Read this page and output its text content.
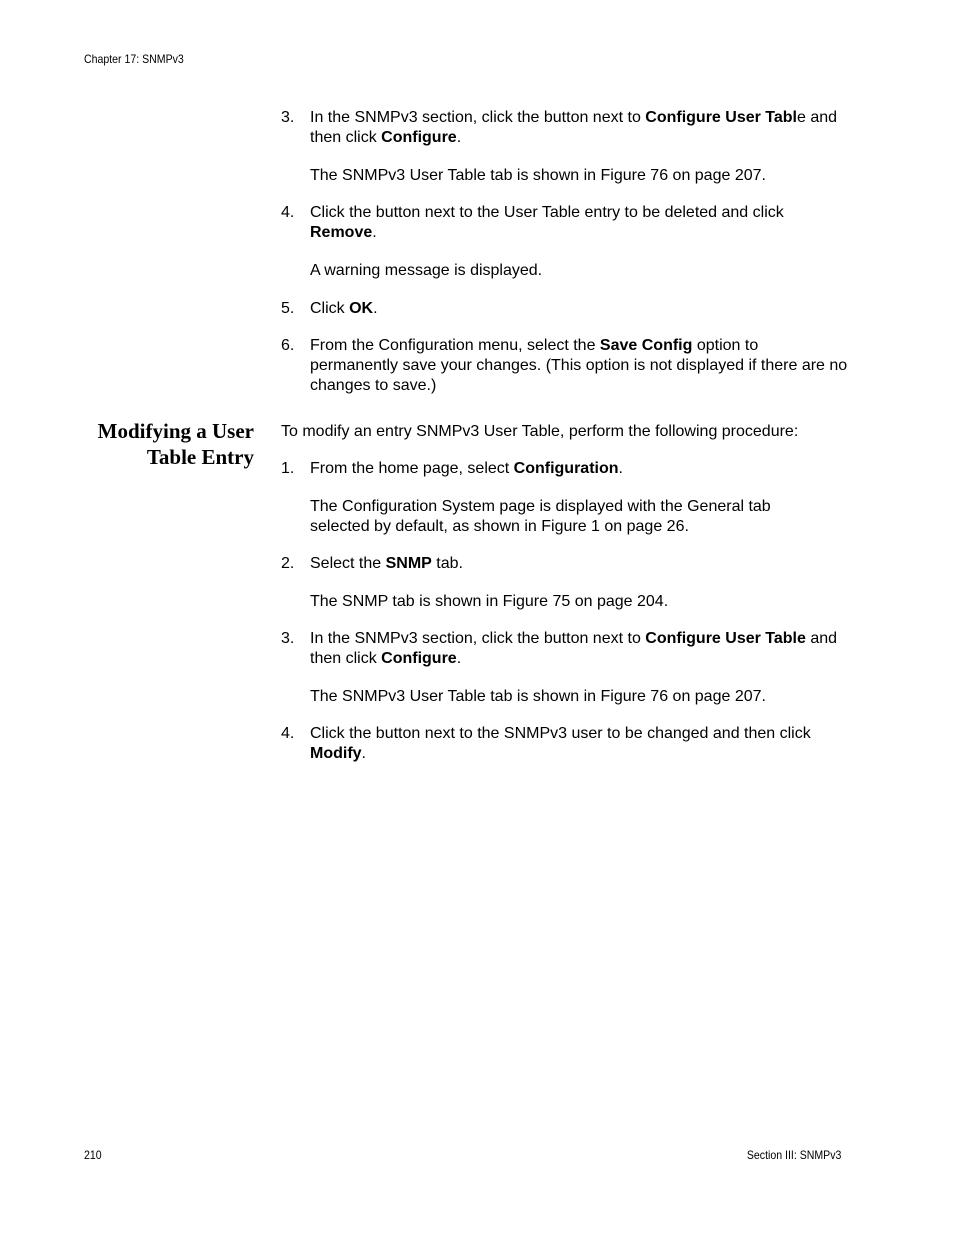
Chapter 17: SNMPv3
3. In the SNMPv3 section, click the button next to Configure User Table and then click Configure.
The SNMPv3 User Table tab is shown in Figure 76 on page 207.
4. Click the button next to the User Table entry to be deleted and click Remove.
A warning message is displayed.
5. Click OK.
6. From the Configuration menu, select the Save Config option to permanently save your changes. (This option is not displayed if there are no changes to save.)
Modifying a User
Table Entry
To modify an entry SNMPv3 User Table, perform the following procedure:
1. From the home page, select Configuration.
The Configuration System page is displayed with the General tab selected by default, as shown in Figure 1 on page 26.
2. Select the SNMP tab.
The SNMP tab is shown in Figure 75 on page 204.
3. In the SNMPv3 section, click the button next to Configure User Table and then click Configure.
The SNMPv3 User Table tab is shown in Figure 76 on page 207.
4. Click the button next to the SNMPv3 user to be changed and then click Modify.
210	Section III: SNMPv3
